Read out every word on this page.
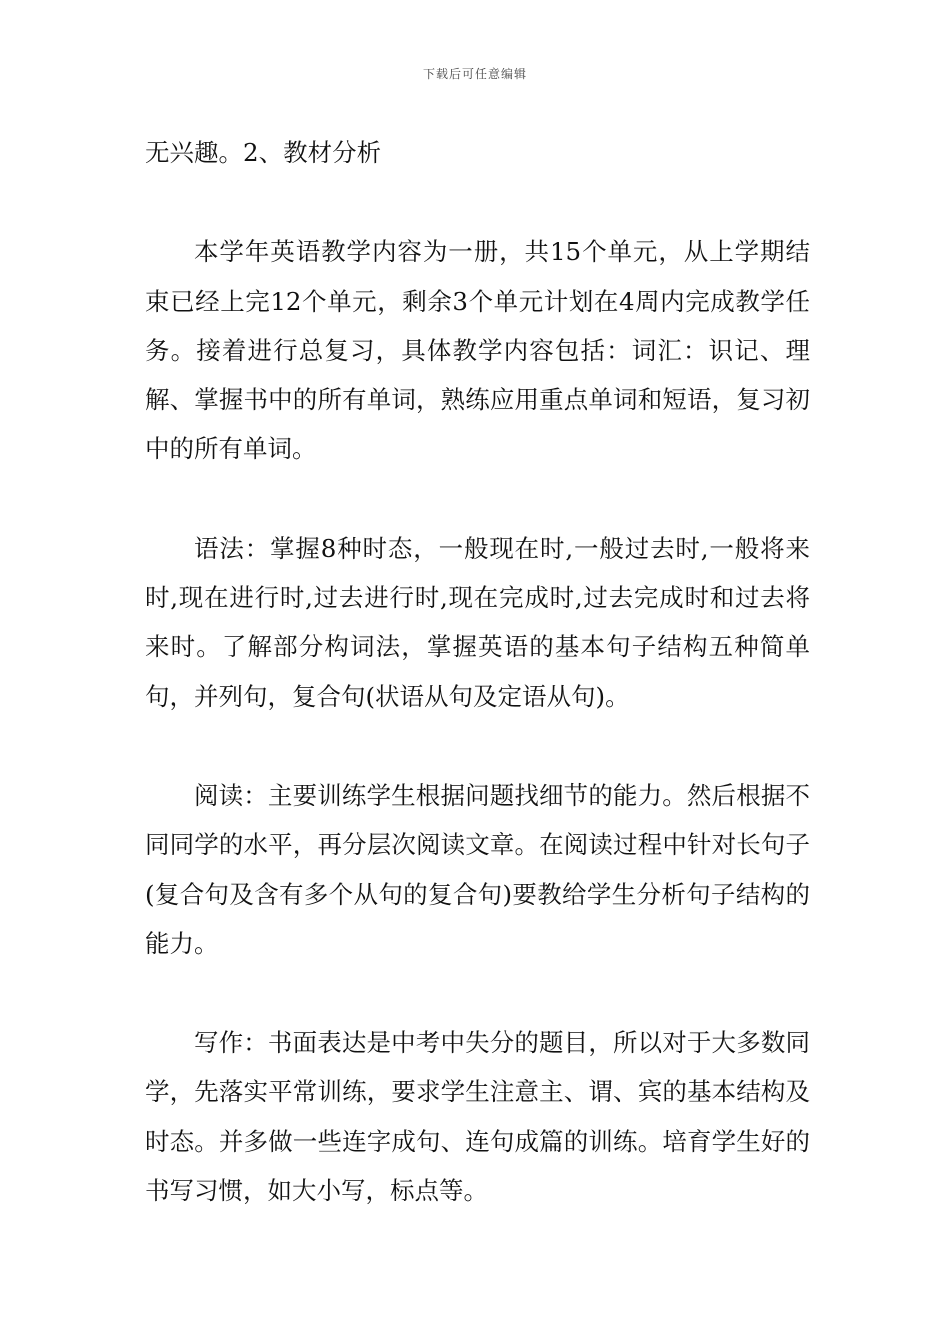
下载后可任意编辑

无兴趣。2、教材分析

本学年英语教学内容为一册，共15个单元，从上学期结束已经上完12个单元，剩余3个单元计划在4周内完成教学任务。接着进行总复习，具体教学内容包括：词汇：识记、理解、掌握书中的所有单词，熟练应用重点单词和短语，复习初中的所有单词。

语法：掌握8种时态，一般现在时,一般过去时,一般将来时,现在进行时,过去进行时,现在完成时,过去完成时和过去将来时。了解部分构词法，掌握英语的基本句子结构五种简单句，并列句，复合句(状语从句及定语从句)。

阅读：主要训练学生根据问题找细节的能力。然后根据不同同学的水平，再分层次阅读文章。在阅读过程中针对长句子(复合句及含有多个从句的复合句)要教给学生分析句子结构的能力。

写作：书面表达是中考中失分的题目，所以对于大多数同学，先落实平常训练，要求学生注意主、谓、宾的基本结构及时态。并多做一些连字成句、连句成篇的训练。培育学生好的书写习惯，如大小写，标点等。
